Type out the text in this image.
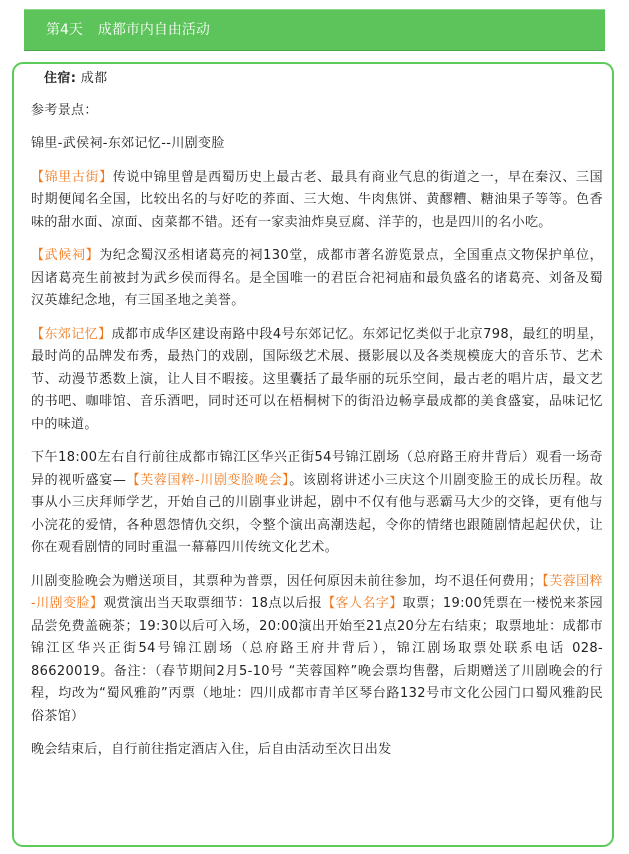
第4天 成都市内自由活动

住宿: 成都

参考景点：

锦里-武侯祠-东郊记忆--川剧变脸

【锦里古街】传说中锦里曾是西蜀历史上最古老、最具有商业气息的街道之一，早在秦汉、三国时期便闻名全国，比较出名的与好吃的荞面、三大炮、牛肉焦饼、黄醪糟、糖油果子等等。色香味的甜水面、凉面、卤菜都不错。还有一家卖油炸臭豆腐、洋芋的，也是四川的名小吃。

【武候祠】为纪念蜀汉丞相诸葛亮的祠130堂，成都市著名游览景点，全国重点文物保护单位，因诸葛亮生前被封为武乡侯而得名。是全国唯一的君臣合祀祠庙和最负盛名的诸葛亮、刘备及蜀汉英雄纪念地，有三国圣地之美誉。

【东郊记忆】成都市成华区建设南路中段4号东郊记忆。东郊记忆类似于北京798，最红的明星，最时尚的品牌发布秀，最热门的戏剧，国际级艺术展、摄影展以及各类规模庞大的音乐节、艺术节、动漫节悉数上演，让人目不暇接。这里囊括了最华丽的玩乐空间，最古老的唱片店，最文艺的书吧、咖啡馆、音乐酒吧，同时还可以在梧桐树下的街沿边畅享最成都的美食盛宴，品味记忆中的味道。

下午18:00左右自行前往成都市锦江区华兴正街54号锦江剧场（总府路王府井背后）观看一场奇异的视听盛宴—【芙蓉国粹-川剧变脸晚会】。该剧将讲述小三庆这个川剧变脸王的成长历程。故事从小三庆拜师学艺，开始自己的川剧事业讲起，剧中不仅有他与恶霸马大少的交锋，更有他与小浣花的爱情，各种恩怨情仇交织，令整个演出高潮迭起，令你的情绪也跟随剧情起起伏伏，让你在观看剧情的同时重温一幕幕四川传统文化艺术。

川剧变脸晚会为赠送项目，其票种为普票，因任何原因未前往参加，均不退任何费用；【芙蓉国粹 -川剧变脸】观赏演出当天取票细节：18点以后报【客人名字】取票；19:00凭票在一楼悦来茶园品尝免费盖碗茶；19:30以后可入场，20:00演出开始至21点20分左右结束；取票地址：成都市锦江区华兴正街54号锦江剧场（总府路王府井背后），锦江剧场取票处联系电话 028-86620019。备注：（春节期间2月5-10号 “芙蓉国粹”晚会票均售罄，后期赠送了川剧晚会的行程，均改为“蜀风雅韵”丙票（地址：四川成都市青羊区琴台路132号市文化公园门口蜀风雅韵民俗茶馆）

晚会结束后，自行前往指定酒店入住，后自由活动至次日出发
